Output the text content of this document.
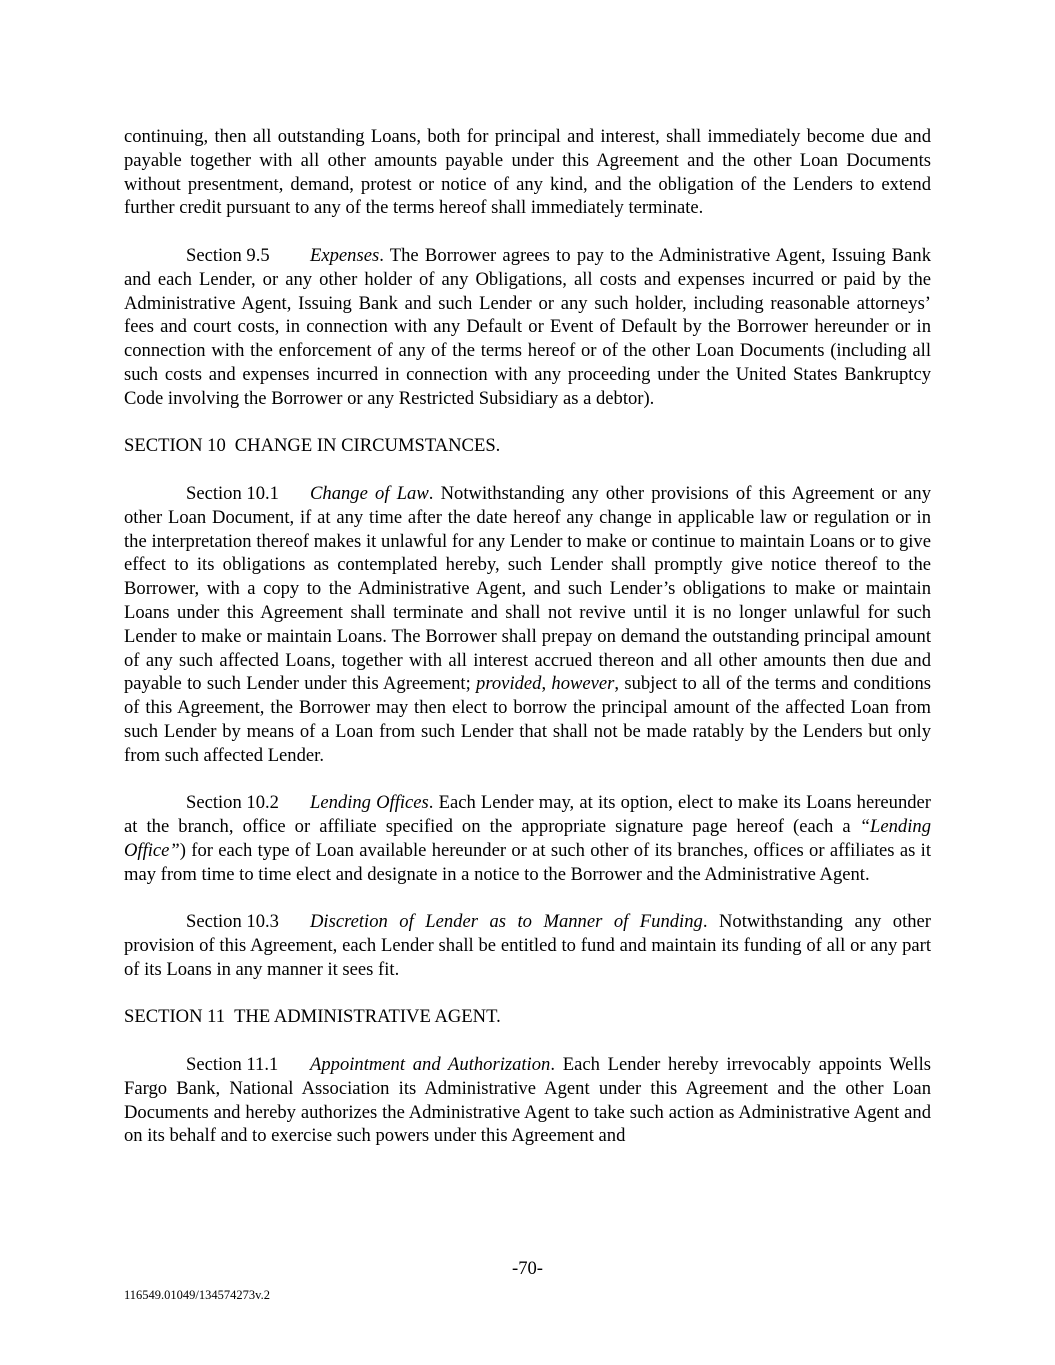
continuing, then all outstanding Loans, both for principal and interest, shall immediately become due and payable together with all other amounts payable under this Agreement and the other Loan Documents without presentment, demand, protest or notice of any kind, and the obligation of the Lenders to extend further credit pursuant to any of the terms hereof shall immediately terminate.

Section 9.5 Expenses. The Borrower agrees to pay to the Administrative Agent, Issuing Bank and each Lender, or any other holder of any Obligations, all costs and expenses incurred or paid by the Administrative Agent, Issuing Bank and such Lender or any such holder, including reasonable attorneys’ fees and court costs, in connection with any Default or Event of Default by the Borrower hereunder or in connection with the enforcement of any of the terms hereof or of the other Loan Documents (including all such costs and expenses incurred in connection with any proceeding under the United States Bankruptcy Code involving the Borrower or any Restricted Subsidiary as a debtor).

SECTION 10 CHANGE IN CIRCUMSTANCES.

Section 10.1 Change of Law. Notwithstanding any other provisions of this Agreement or any other Loan Document, if at any time after the date hereof any change in applicable law or regulation or in the interpretation thereof makes it unlawful for any Lender to make or continue to maintain Loans or to give effect to its obligations as contemplated hereby, such Lender shall promptly give notice thereof to the Borrower, with a copy to the Administrative Agent, and such Lender’s obligations to make or maintain Loans under this Agreement shall terminate and shall not revive until it is no longer unlawful for such Lender to make or maintain Loans. The Borrower shall prepay on demand the outstanding principal amount of any such affected Loans, together with all interest accrued thereon and all other amounts then due and payable to such Lender under this Agreement; provided, however, subject to all of the terms and conditions of this Agreement, the Borrower may then elect to borrow the principal amount of the affected Loan from such Lender by means of a Loan from such Lender that shall not be made ratably by the Lenders but only from such affected Lender.

Section 10.2 Lending Offices. Each Lender may, at its option, elect to make its Loans hereunder at the branch, office or affiliate specified on the appropriate signature page hereof (each a “Lending Office”) for each type of Loan available hereunder or at such other of its branches, offices or affiliates as it may from time to time elect and designate in a notice to the Borrower and the Administrative Agent.

Section 10.3 Discretion of Lender as to Manner of Funding. Notwithstanding any other provision of this Agreement, each Lender shall be entitled to fund and maintain its funding of all or any part of its Loans in any manner it sees fit.

SECTION 11 THE ADMINISTRATIVE AGENT.

Section 11.1 Appointment and Authorization. Each Lender hereby irrevocably appoints Wells Fargo Bank, National Association its Administrative Agent under this Agreement and the other Loan Documents and hereby authorizes the Administrative Agent to take such action as Administrative Agent and on its behalf and to exercise such powers under this Agreement and

-70-
116549.01049/134574273v.2
